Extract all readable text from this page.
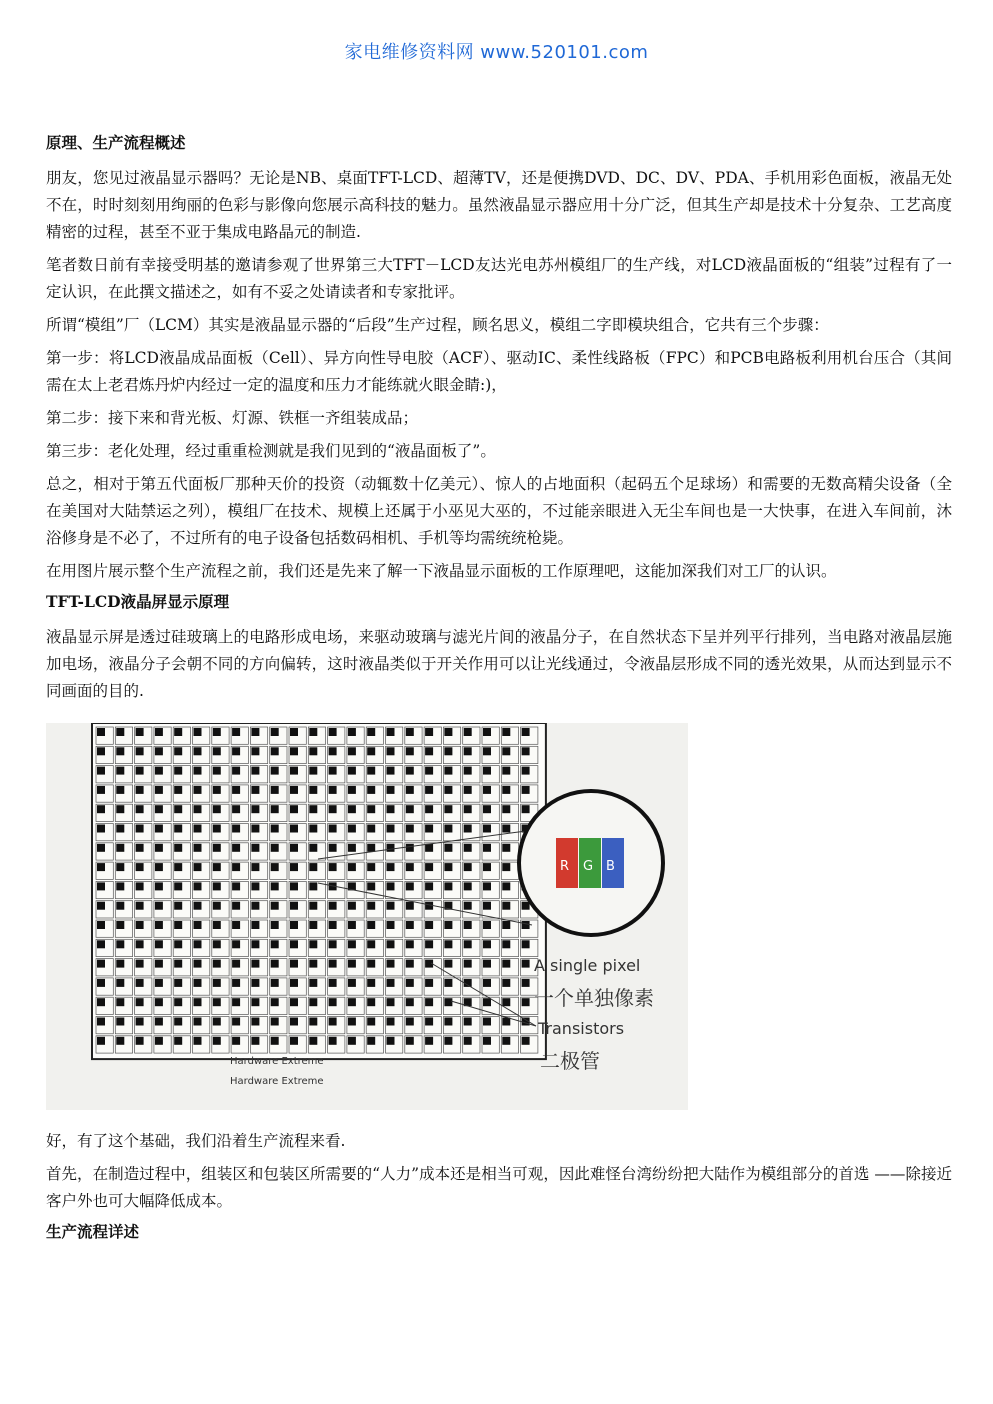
家电维修资料网 www.520101.com
原理、生产流程概述
朋友，您见过液晶显示器吗？无论是NB、桌面TFT-LCD、超薄TV，还是便携DVD、DC、DV、PDA、手机用彩色面板，液晶无处不在，时时刻刻用绚丽的色彩与影像向您展示高科技的魅力。虽然液晶显示器应用十分广泛，但其生产却是技术十分复杂、工艺高度精密的过程，甚至不亚于集成电路晶元的制造.
笔者数日前有幸接受明基的邀请参观了世界第三大TFT－LCD友达光电苏州模组厂的生产线，对LCD液晶面板的“组装”过程有了一定认识，在此撰文描述之，如有不妥之处请读者和专家批评。
所谓“模组”厂（LCM）其实是液晶显示器的“后段”生产过程，顾名思义，模组二字即模块组合，它共有三个步骤：
第一步：将LCD液晶成品面板（Cell）、异方向性导电胶（ACF）、驱动IC、柔性线路板（FPC）和PCB电路板利用机台压合（其间需在太上老君炼丹炉内经过一定的温度和压力才能练就火眼金睛:)，
第二步：接下来和背光板、灯源、铁框一齐组装成品；
第三步：老化处理，经过重重检测就是我们见到的“液晶面板了”。
总之，相对于第五代面板厂那种天价的投资（动辄数十亿美元）、惊人的占地面积（起码五个足球场）和需要的无数高精尖设备（全在美国对大陆禁运之列），模组厂在技术、规模上还属于小巫见大巫的，不过能亲眼进入无尘车间也是一大快事，在进入车间前，沐浴修身是不必了，不过所有的电子设备包括数码相机、手机等均需统统枪毙。
在用图片展示整个生产流程之前，我们还是先来了解一下液晶显示面板的工作原理吧，这能加深我们对工厂的认识。
TFT-LCD液晶屏显示原理
液晶显示屏是透过硅玻璃上的电路形成电场，来驱动玻璃与滤光片间的液晶分子，在自然状态下呈并列平行排列，当电路对液晶层施加电场，液晶分子会朝不同的方向偏转，这时液晶类似于开关作用可以让光线通过，令液晶层形成不同的透光效果，从而达到显示不同画面的目的.
R G B
A single pixel
一个单独像素
Transistors
二极管
Hardware Extreme
Hardware Extreme
好，有了这个基础，我们沿着生产流程来看.
首先，在制造过程中，组装区和包装区所需要的“人力”成本还是相当可观，因此难怪台湾纷纷把大陆作为模组部分的首选 ——除接近客户外也可大幅降低成本。
生产流程详述
